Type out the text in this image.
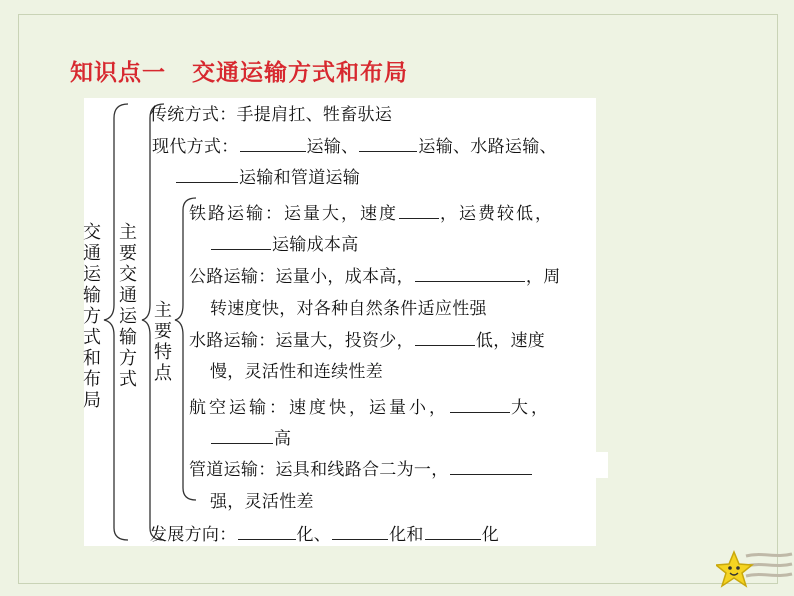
知识点一 交通运输方式和布局
交
通
运
输
方
式
和
布
局
主
要
交
通
运
输
方
式
主
要
特
点
传统方式：手提肩扛、牲畜驮运
现代方式：	运输、	运输、水路运输、
运输和管道运输
铁路运输：运量大，速度 ，运费较低，
运输成本高
公路运输：运量小，成本高，	，周
转速度快，对各种自然条件适应性强
水路运输：运量大，投资少，	低，速度
慢，灵活性和连续性差
航空运输：速度快，运量小，	大，
高
管道运输：运具和线路合二为一，
强，灵活性差
发展方向：	化、	化和	化
